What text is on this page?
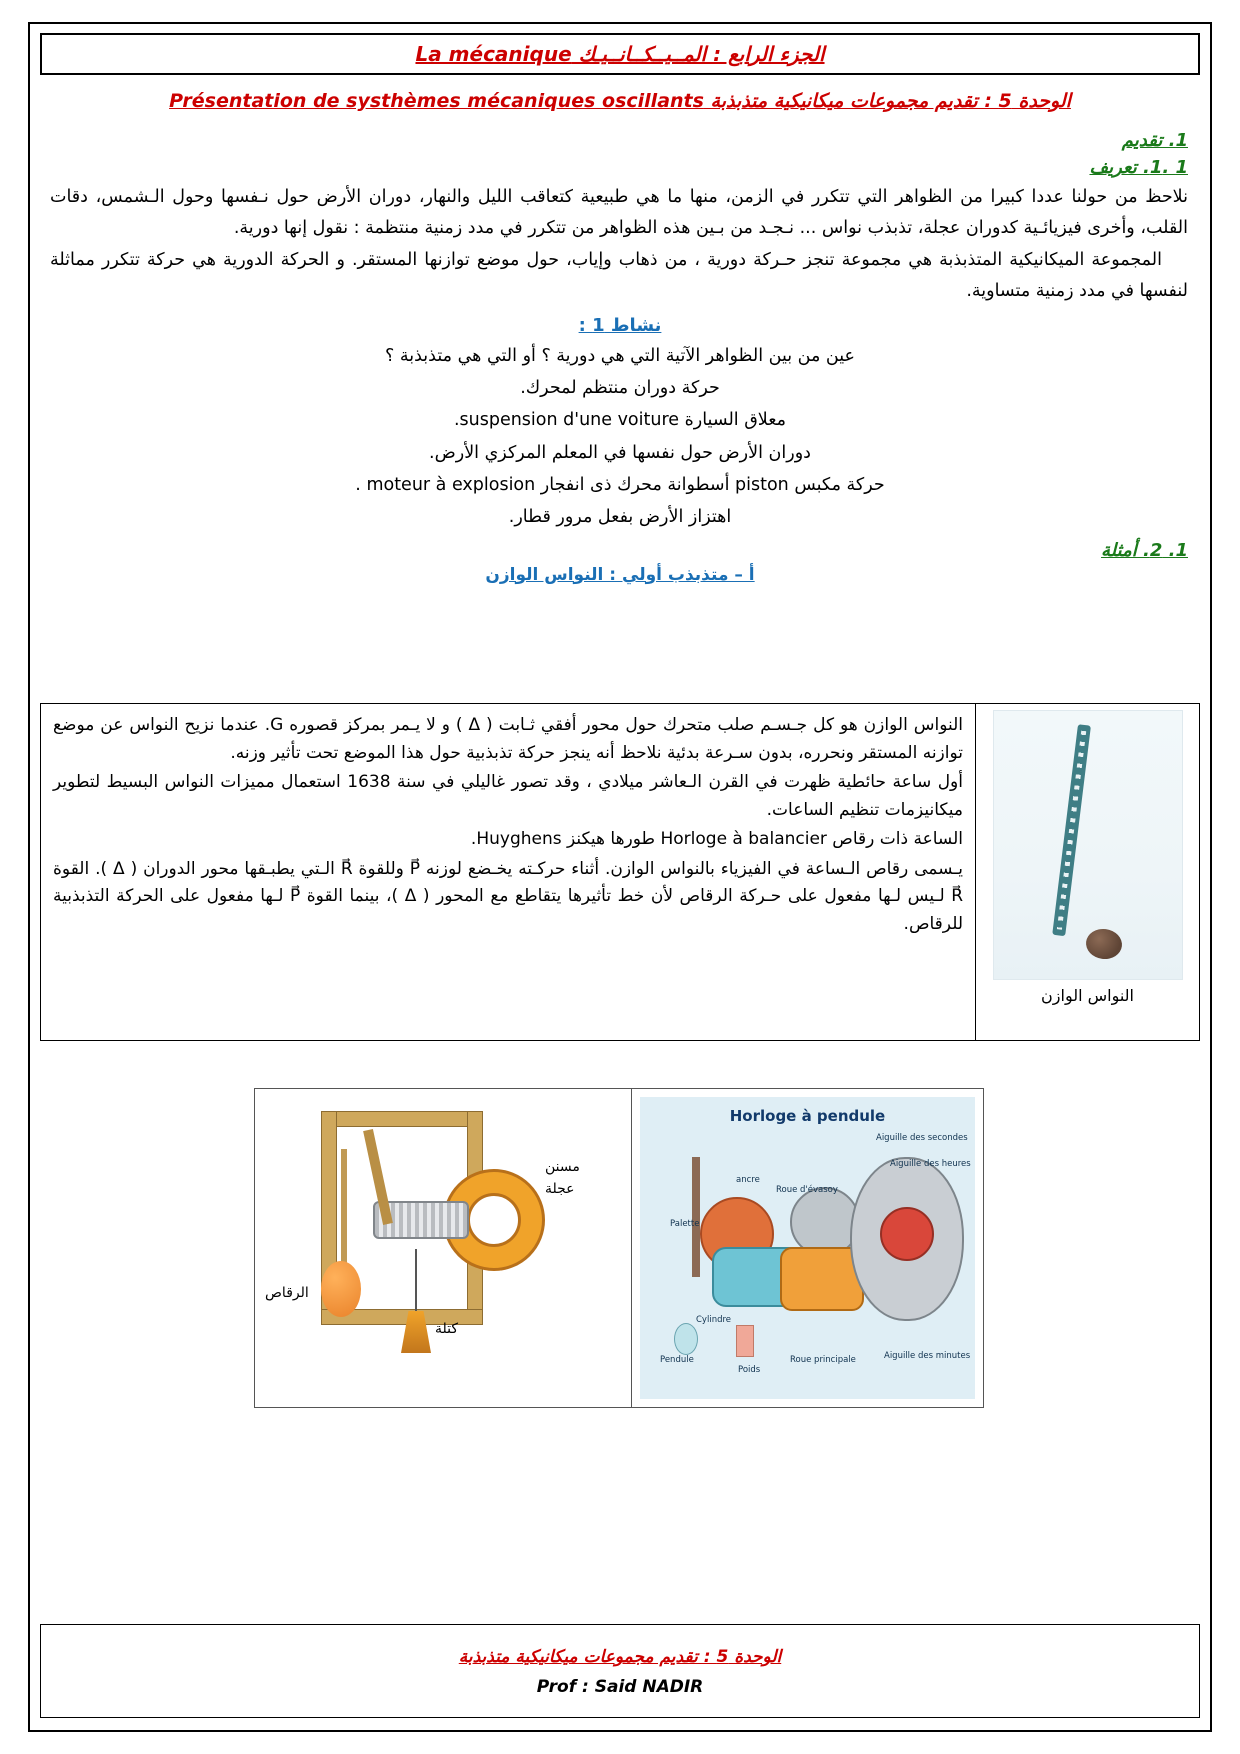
الجزء الرابع : المــيــكــانــيـك La mécanique
الوحدة 5 : تقديم مجموعات ميكانيكية متذبذبة Présentation de systhèmes mécaniques oscillants
1. تقديم
1 .1. تعريف
نلاحظ من حولنا عددا كبيرا من الظواهر التي تتكرر في الزمن، منها ما هي طبيعية كتعاقب الليل والنهار، دوران الأرض حول نـفسها وحول الـشمس، دقات القلب، وأخرى فيزيائـية كدوران عجلة، تذبذب نواس ... نـجـد من بـين هذه الظواهر من تتكرر في مدد زمنية منتظمة : نقول إنها دورية.
المجموعة الميكانيكية المتذبذبة هي مجموعة تنجز حـركة دورية ، من ذهاب وإياب، حول موضع توازنها المستقر. و الحركة الدورية هي حركة تتكرر مماثلة لنفسها في مدد زمنية متساوية.
نشاط 1 :
عين من بين الظواهر الآتية التي هي دورية ؟ أو التي هي متذبذبة ؟
حركة دوران منتظم لمحرك.
معلاق السيارة suspension d'une voiture.
دوران الأرض حول نفسها في المعلم المركزي الأرض.
حركة مكبس piston أسطوانة محرك ذى انفجار moteur à explosion .
اهتزاز الأرض بفعل مرور قطار.
1. 2. أمثلة
أ – متذبذب أولي : النواس الوازن

النواس الوازن هو كل جـسـم صلب متحرك حول محور أفقي ثـابت ( Δ ) و لا يـمر بمركز قصوره G. عندما نزيح النواس عن موضع توازنه المستقر ونحرره، بدون سـرعة بدئية نلاحظ أنه ينجز حركة تذبذبية حول هذا الموضع تحت تأثير وزنه.

أول ساعة حائطية ظهرت في القرن الـعاشر ميلادي ، وقد تصور غاليلي في سنة 1638 استعمال مميزات النواس البسيط لتطوير ميكانيزمات تنظيم الساعات.

الساعة ذات رقاص Horloge à balancier طورها هيكنز Huyghens.

يـسمى رقاص الـساعة في الفيزياء بالنواس الوازن. أثناء حركـته يخـضع لوزنه P⃗ وللقوة R⃗ الـتي يطبـقها محور الدوران ( Δ ). القوة R⃗ لـيس لـها مفعول على حـركة الرقاص لأن خط تأثيرها يتقاطع مع المحور ( Δ )، بينما القوة P⃗ لـها مفعول على الحركة التذبذبية للرقاص.

النواس الوازن
Horloge à pendule
ancre
Roue d'évasoy
Palette
Cylindre
Pendule
Poids
Roue principale
Aiguille des secondes
Aiguille des heures
Aiguille des minutes
مسنن
عجلة
الرقاص
كتلة
الوحدة 5 : تقديم مجموعات ميكانيكية متذبذبة
Prof : Said NADIR
